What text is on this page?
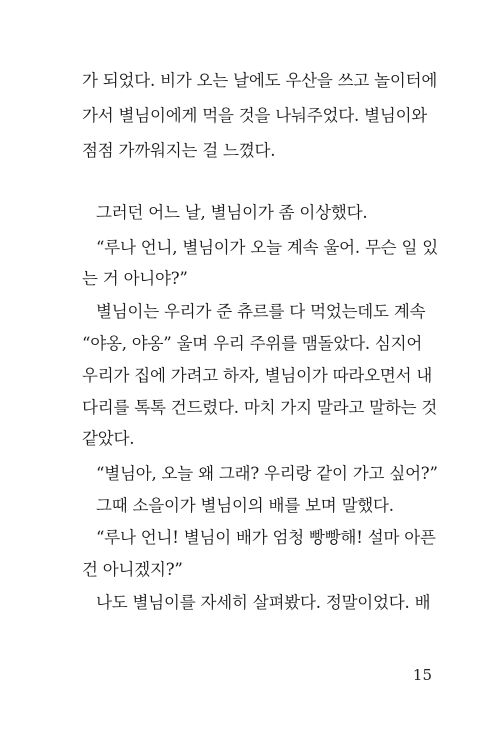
가 되었다. 비가 오는 날에도 우산을 쓰고 놀이터에
가서 별님이에게 먹을 것을 나눠주었다. 별님이와
점점 가까워지는 걸 느꼈다.
그러던 어느 날, 별님이가 좀 이상했다.
“루나 언니, 별님이가 오늘 계속 울어. 무슨 일 있
는 거 아니야?”
별님이는 우리가 준 츄르를 다 먹었는데도 계속
“야옹, 야옹” 울며 우리 주위를 맴돌았다. 심지어
우리가 집에 가려고 하자, 별님이가 따라오면서 내
다리를 톡톡 건드렸다. 마치 가지 말라고 말하는 것
같았다.
“별님아, 오늘 왜 그래? 우리랑 같이 가고 싶어?”
그때 소을이가 별님이의 배를 보며 말했다.
“루나 언니! 별님이 배가 엄청 빵빵해! 설마 아픈
건 아니겠지?”
나도 별님이를 자세히 살펴봤다. 정말이었다. 배
15
